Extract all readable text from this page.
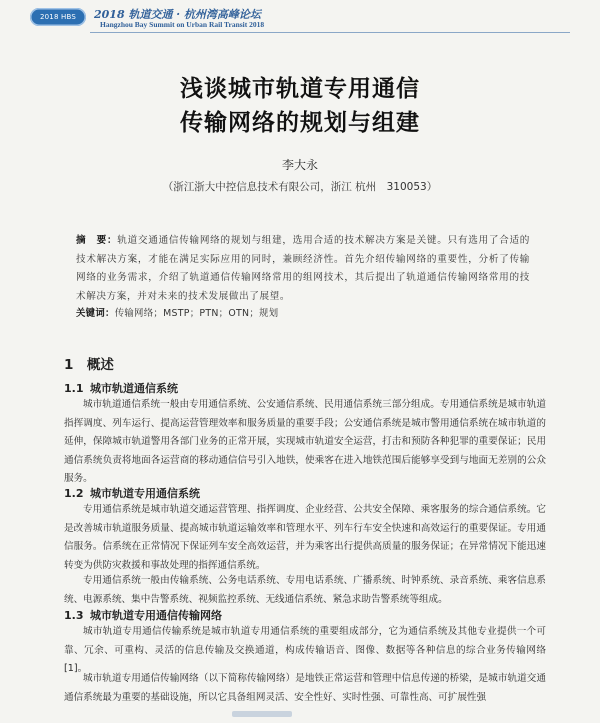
2018 HBS	2018 轨道交通 · 杭州湾高峰论坛
Hangzhou Bay Summit on Urban Rail Transit 2018
浅谈城市轨道专用通信
传输网络的规划与组建
李大永
（浙江浙大中控信息技术有限公司，浙江 杭州　310053）
摘　要：轨道交通通信传输网络的规划与组建，选用合适的技术解决方案是关键。只有选用了合适的技术解决方案，才能在满足实际应用的同时，兼顾经济性。首先介绍传输网络的重要性，分析了传输网络的业务需求，介绍了轨道通信传输网络常用的组网技术，其后提出了轨道通信传输网络常用的技术解决方案，并对未来的技术发展做出了展望。
关键词：传输网络；MSTP；PTN；OTN；规划
1  概述
1.1 城市轨道通信系统
城市轨道通信系统一般由专用通信系统、公安通信系统、民用通信系统三部分组成。专用通信系统是城市轨道指挥调度、列车运行、提高运营管理效率和服务质量的重要手段；公安通信系统是城市警用通信系统在城市轨道的延伸，保障城市轨道警用各部门业务的正常开展，实现城市轨道安全运营，打击和预防各种犯罪的重要保证；民用通信系统负责将地面各运营商的移动通信信号引入地铁，使乘客在进入地铁范围后能够享受到与地面无差别的公众服务。
1.2 城市轨道专用通信系统
专用通信系统是城市轨道交通运营管理、指挥调度、企业经营、公共安全保障、乘客服务的综合通信系统。它是改善城市轨道服务质量、提高城市轨道运输效率和管理水平、列车行车安全快速和高效运行的重要保证。专用通信服务。信系统在正常情况下保证列车安全高效运营，并为乘客出行提供高质量的服务保证；在异常情况下能迅速转变为供防灾救援和事故处理的指挥通信系统。
专用通信系统一般由传输系统、公务电话系统、专用电话系统、广播系统、时钟系统、录音系统、乘客信息系统、电源系统、集中告警系统、视频监控系统、无线通信系统、紧急求助告警系统等组成。
1.3 城市轨道专用通信传输网络
城市轨道专用通信传输系统是城市轨道专用通信系统的重要组成部分，它为通信系统及其他专业提供一个可靠、冗余、可重构、灵活的信息传输及交换通道，构成传输语音、图像、数据等各种信息的综合业务传输网络 [1]。
城市轨道专用通信传输网络（以下简称传输网络）是地铁正常运营和管理中信息传递的桥梁，是城市轨道交通通信系统最为重要的基础设施，所以它具备组网灵活、安全性好、实时性强、可靠性高、可扩展性强
